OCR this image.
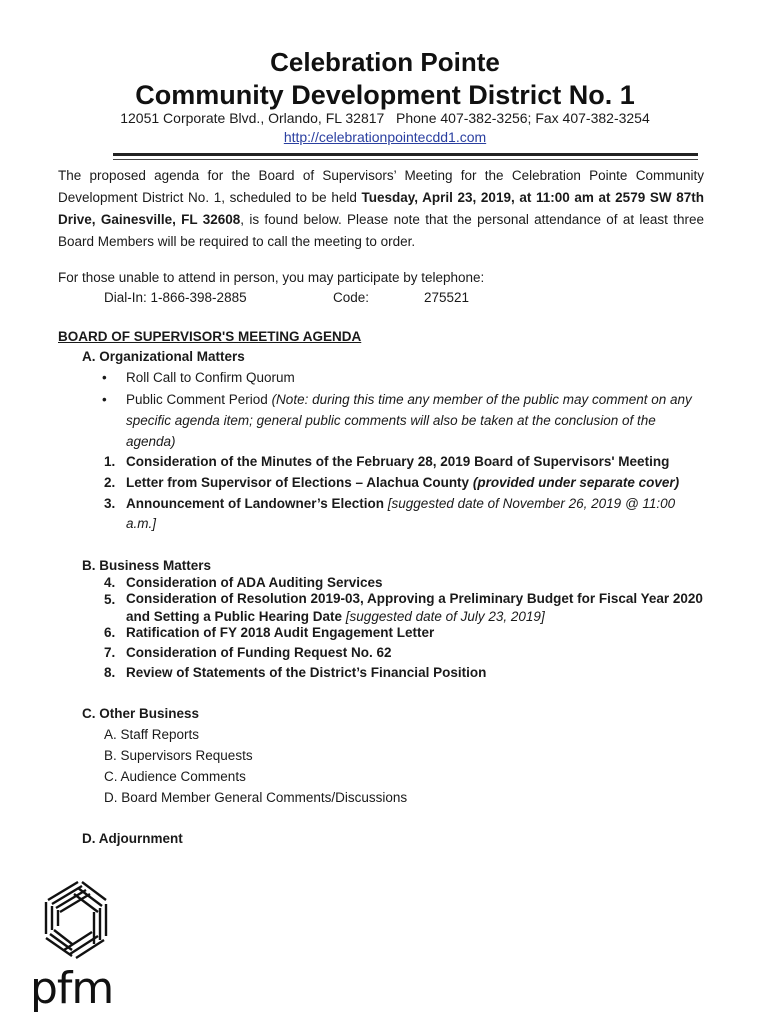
Celebration Pointe
Community Development District No. 1
12051 Corporate Blvd., Orlando, FL 32817   Phone 407-382-3256; Fax 407-382-3254
http://celebrationpointecdd1.com
The proposed agenda for the Board of Supervisors’ Meeting for the Celebration Pointe Community Development District No. 1, scheduled to be held Tuesday, April 23, 2019, at 11:00 am at 2579 SW 87th Drive, Gainesville, FL 32608, is found below. Please note that the personal attendance of at least three Board Members will be required to call the meeting to order.
For those unable to attend in person, you may participate by telephone:
Dial-In: 1-866-398-2885	Code:	275521
BOARD OF SUPERVISOR'S MEETING AGENDA
A. Organizational Matters
• Roll Call to Confirm Quorum
• Public Comment Period (Note: during this time any member of the public may comment on any specific agenda item; general public comments will also be taken at the conclusion of the agenda)
1. Consideration of the Minutes of the February 28, 2019 Board of Supervisors' Meeting
2. Letter from Supervisor of Elections – Alachua County (provided under separate cover)
3. Announcement of Landowner’s Election [suggested date of November 26, 2019 @ 11:00 a.m.]
B. Business Matters
4. Consideration of ADA Auditing Services
5. Consideration of Resolution 2019-03, Approving a Preliminary Budget for Fiscal Year 2020 and Setting a Public Hearing Date [suggested date of July 23, 2019]
6. Ratification of FY 2018 Audit Engagement Letter
7. Consideration of Funding Request No. 62
8. Review of Statements of the District’s Financial Position
C. Other Business
A. Staff Reports
B. Supervisors Requests
C. Audience Comments
D. Board Member General Comments/Discussions
D. Adjournment
pfm
